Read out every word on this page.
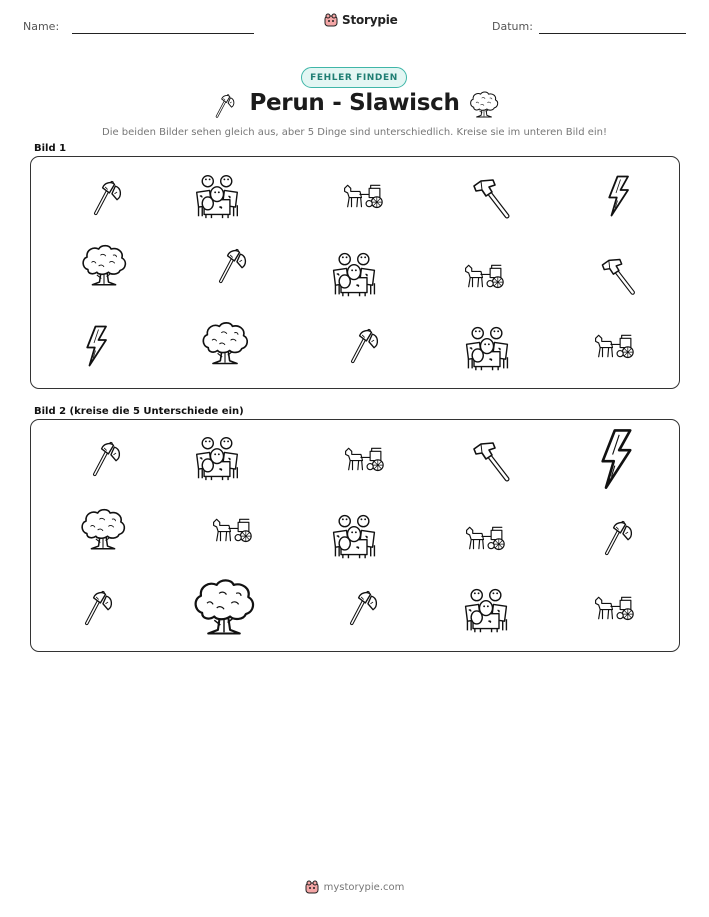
Name:	Storypie	Datum:
FEHLER FINDEN
Perun - Slawisch
Die beiden Bilder sehen gleich aus, aber 5 Dinge sind unterschiedlich. Kreise sie im unteren Bild ein!
Bild 1
Bild 2 (kreise die 5 Unterschiede ein)
mystorypie.com
